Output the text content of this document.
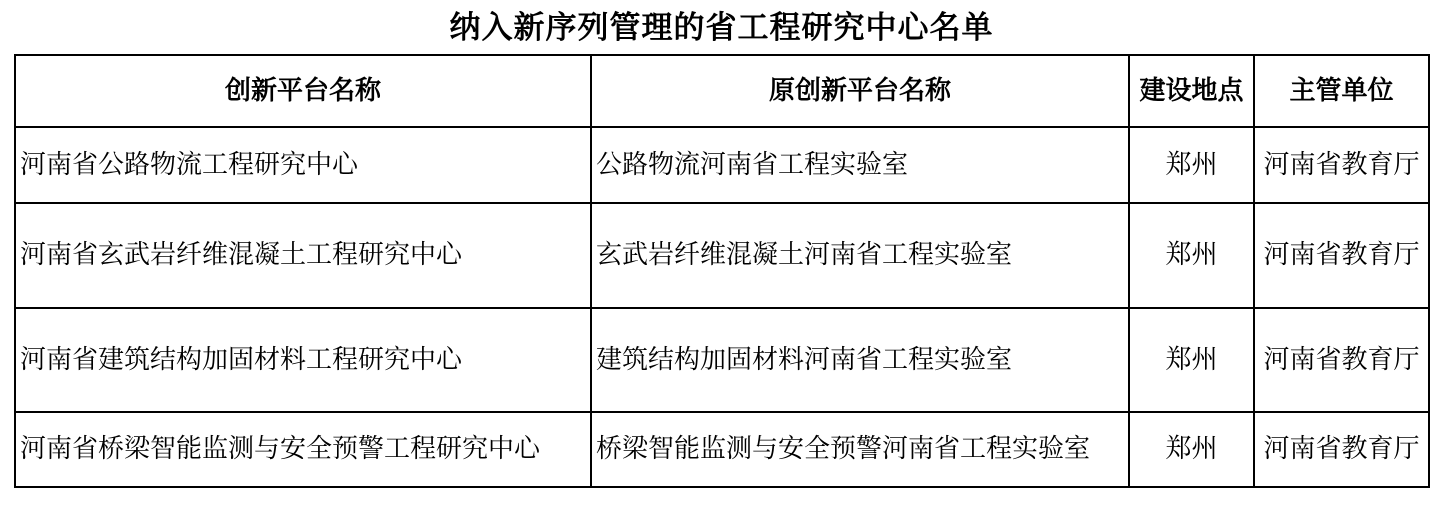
纳入新序列管理的省工程研究中心名单
创新平台名称	原创新平台名称	建设地点	主管单位
河南省公路物流工程研究中心	公路物流河南省工程实验室	郑州	河南省教育厅
河南省玄武岩纤维混凝土工程研究中心	玄武岩纤维混凝土河南省工程实验室	郑州	河南省教育厅
河南省建筑结构加固材料工程研究中心	建筑结构加固材料河南省工程实验室	郑州	河南省教育厅
河南省桥梁智能监测与安全预警工程研究中心	桥梁智能监测与安全预警河南省工程实验室	郑州	河南省教育厅
